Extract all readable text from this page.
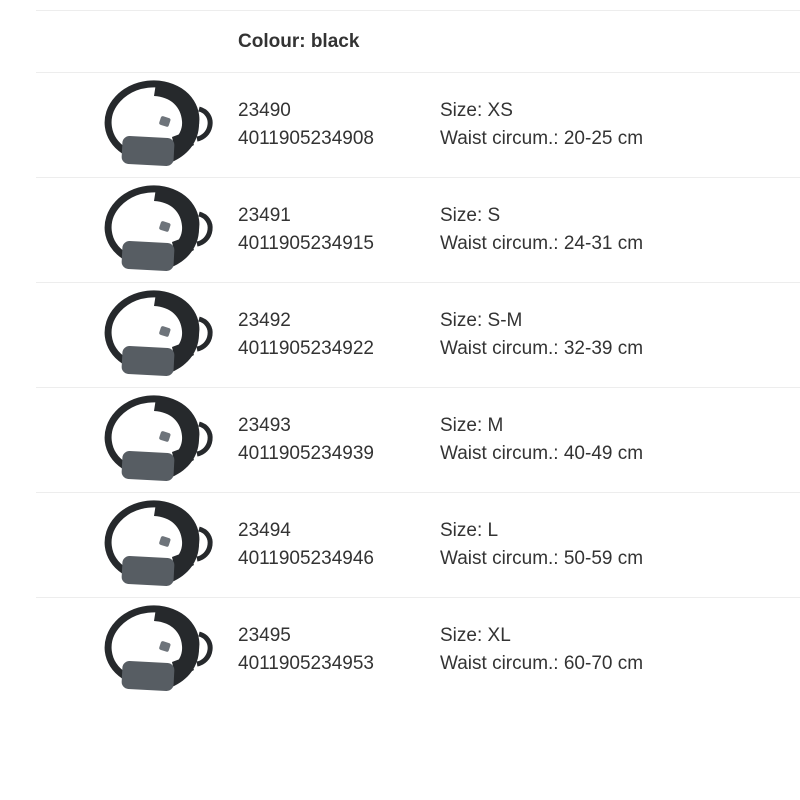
Colour: black
23490
4011905234908
Size: XS
Waist circum.: 20-25 cm
23491
4011905234915
Size: S
Waist circum.: 24-31 cm
23492
4011905234922
Size: S-M
Waist circum.: 32-39 cm
23493
4011905234939
Size: M
Waist circum.: 40-49 cm
23494
4011905234946
Size: L
Waist circum.: 50-59 cm
23495
4011905234953
Size: XL
Waist circum.: 60-70 cm
